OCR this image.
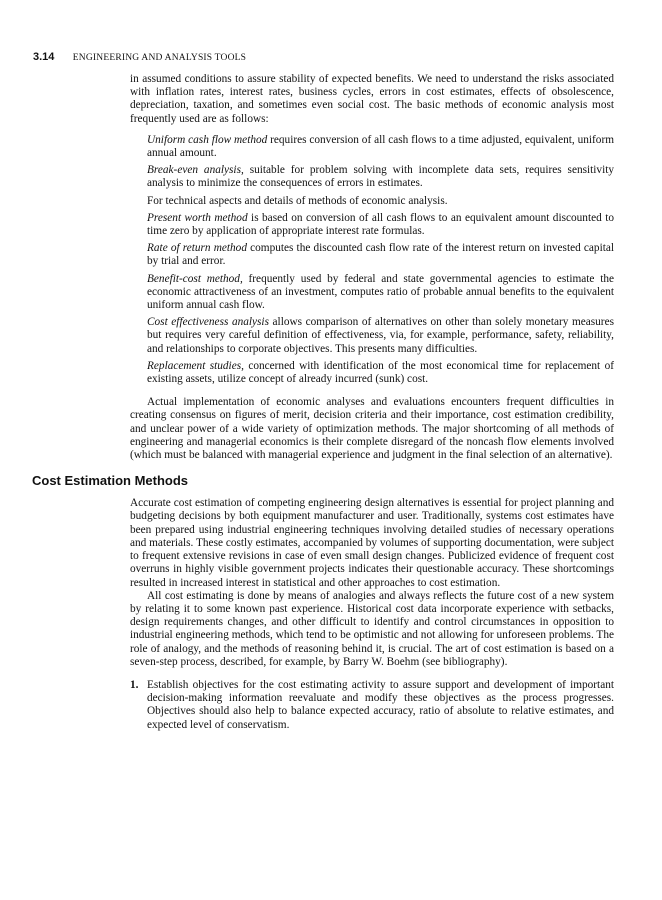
3.14 ENGINEERING AND ANALYSIS TOOLS

in assumed conditions to assure stability of expected benefits. We need to understand the risks associated with inflation rates, interest rates, business cycles, errors in cost estimates, effects of obsolescence, depreciation, taxation, and sometimes even social cost. The basic methods of economic analysis most frequently used are as follows:

Uniform cash flow method requires conversion of all cash flows to a time adjusted, equivalent, uniform annual amount.

Break-even analysis, suitable for problem solving with incomplete data sets, requires sensitivity analysis to minimize the consequences of errors in estimates.

For technical aspects and details of methods of economic analysis.

Present worth method is based on conversion of all cash flows to an equivalent amount discounted to time zero by application of appropriate interest rate formulas.

Rate of return method computes the discounted cash flow rate of the interest return on invested capital by trial and error.

Benefit-cost method, frequently used by federal and state governmental agencies to estimate the economic attractiveness of an investment, computes ratio of probable annual benefits to the equivalent uniform annual cash flow.

Cost effectiveness analysis allows comparison of alternatives on other than solely monetary measures but requires very careful definition of effectiveness, via, for example, performance, safety, reliability, and relationships to corporate objectives. This presents many difficulties.

Replacement studies, concerned with identification of the most economical time for replacement of existing assets, utilize concept of already incurred (sunk) cost.

Actual implementation of economic analyses and evaluations encounters frequent difficulties in creating consensus on figures of merit, decision criteria and their importance, cost estimation credibility, and unclear power of a wide variety of optimization methods. The major shortcoming of all methods of engineering and managerial economics is their complete disregard of the noncash flow elements involved (which must be balanced with managerial experience and judgment in the final selection of an alternative).

Cost Estimation Methods

Accurate cost estimation of competing engineering design alternatives is essential for project planning and budgeting decisions by both equipment manufacturer and user. Traditionally, systems cost estimates have been prepared using industrial engineering techniques involving detailed studies of necessary operations and materials. These costly estimates, accompanied by volumes of supporting documentation, were subject to frequent extensive revisions in case of even small design changes. Publicized evidence of frequent cost overruns in highly visible government projects indicates their questionable accuracy. These shortcomings resulted in increased interest in statistical and other approaches to cost estimation.

All cost estimating is done by means of analogies and always reflects the future cost of a new system by relating it to some known past experience. Historical cost data incorporate experience with setbacks, design requirements changes, and other difficult to identify and control circumstances in opposition to industrial engineering methods, which tend to be optimistic and not allowing for unforeseen problems. The role of analogy, and the methods of reasoning behind it, is crucial. The art of cost estimation is based on a seven-step process, described, for example, by Barry W. Boehm (see bibliography).

1. Establish objectives for the cost estimating activity to assure support and development of important decision-making information reevaluate and modify these objectives as the process progresses. Objectives should also help to balance expected accuracy, ratio of absolute to relative estimates, and expected level of conservatism.
